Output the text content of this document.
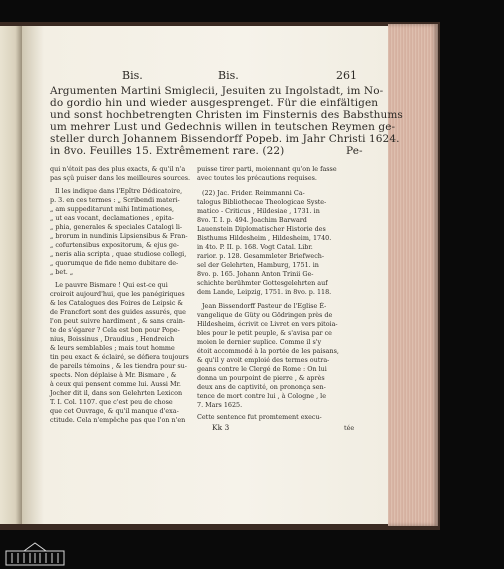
Bis.	Bis.	261
Argumenten Martini Smiglecii, Jesuiten zu Ingolstadt, im No-
do gordio hin und wieder ausgesprenget. Für die einfältigen
und sonst hochbetrengten Christen im Finsternis des Babsthums
um mehrer Lust und Gedechnis willen in teutschen Reymen ge-
steller durch Johannem Bissendorff Popeb. im Jahr Christi 1624.
in 8vo. Feuilles 15. Extrêmement rare. (22)	Pe-
qui n'étoit pas des plus exacts, & qu'il n'a
pas sçû puiser dans les meilleures sources.
Il les indique dans l'Epître Dédicatoire,
p. 3. en ces termes : „ Scribendi materi-
„ am suppeditarunt mihi Intimationes,
„ ut eas vocant, declamationes , epita-
„ phia, generales & speciales Catalogi li-
„ brorum in nundinis Lipsiensibus & Fran-
„ cofurtensibus expositorum, & ejus ge-
„ neris alia scripta , quae studiose collegi,
„ quorumque de fide nemo dubitare de-
„ bet. „
Le pauvre Bismare ! Qui est-ce qui
croiroit aujourd'hui, que les panégiriques
& les Catalogues des Foires de Leipsic &
de Francfort sont des guides assurés, que
l'on peut suivre hardiment , & sans crain-
te de s'égarer ? Cela est bon pour Pope-
nius, Boissinus , Draudius , Hendreich
& leurs semblables ; mais tout homme
tin peu exact & éclairé, se défiera toujours
de pareils témoins , & les tiendra pour su-
spects. Non déplaise à Mr. Bismare , &
à ceux qui pensent comme lui. Aussi Mr.
Jocher dit il, dans son Gelehrten Lexicon
T. I. Col. 1107. que c'est peu de chose
que cet Ouvrage, & qu'il manque d'exa-
ctitude. Cela n'empêche pas que l'on n'en
puisse tirer parti, moiennant qu'on le fasse
avec toutes les précautions requises.
(22) Jac. Frider. Reimmanni Ca-
talogus Bibliothecae Theologicae Syste-
matico - Criticus , Hildesiae , 1731. in
8vo. T. I. p. 494. Joachim Barward
Lauenstein Diplomatischer Historie des
Bisthums Hildesheim , Hildesheim, 1740.
in 4to. P. II. p. 168. Vogt Catal. Libr.
rarior. p. 128. Gesammleter Briefwech-
sel der Gelehrten, Hamburg, 1751. in
8vo. p. 165. Johann Anton Trinii Ge-
schichte berühmter Gottesgelehrten auf
dem Lande, Leipzig, 1751. in 8vo. p. 118.
Jean Bissendorff Pasteur de l'Eglise É-
vangelique de Güty ou Gödringen près de
Hildesheim, écrivit ce Livret en vers pitoia-
bles pour le petit peuple, & s'avisa par ce
moien le dernier suplice. Comme il s'y
étoit accommodé à la portée de les paisans,
& qu'il y avoit emploié des termes outra-
geans contre le Clergé de Rome : On lui
donna un pourpoint de pierre , & après
deux ans de captivité, on prononça sen-
tence de mort contre lui , à Cologne , le
7. Mars 1625.
Cette sentence fut promtement execu-
Kk 3	tée
